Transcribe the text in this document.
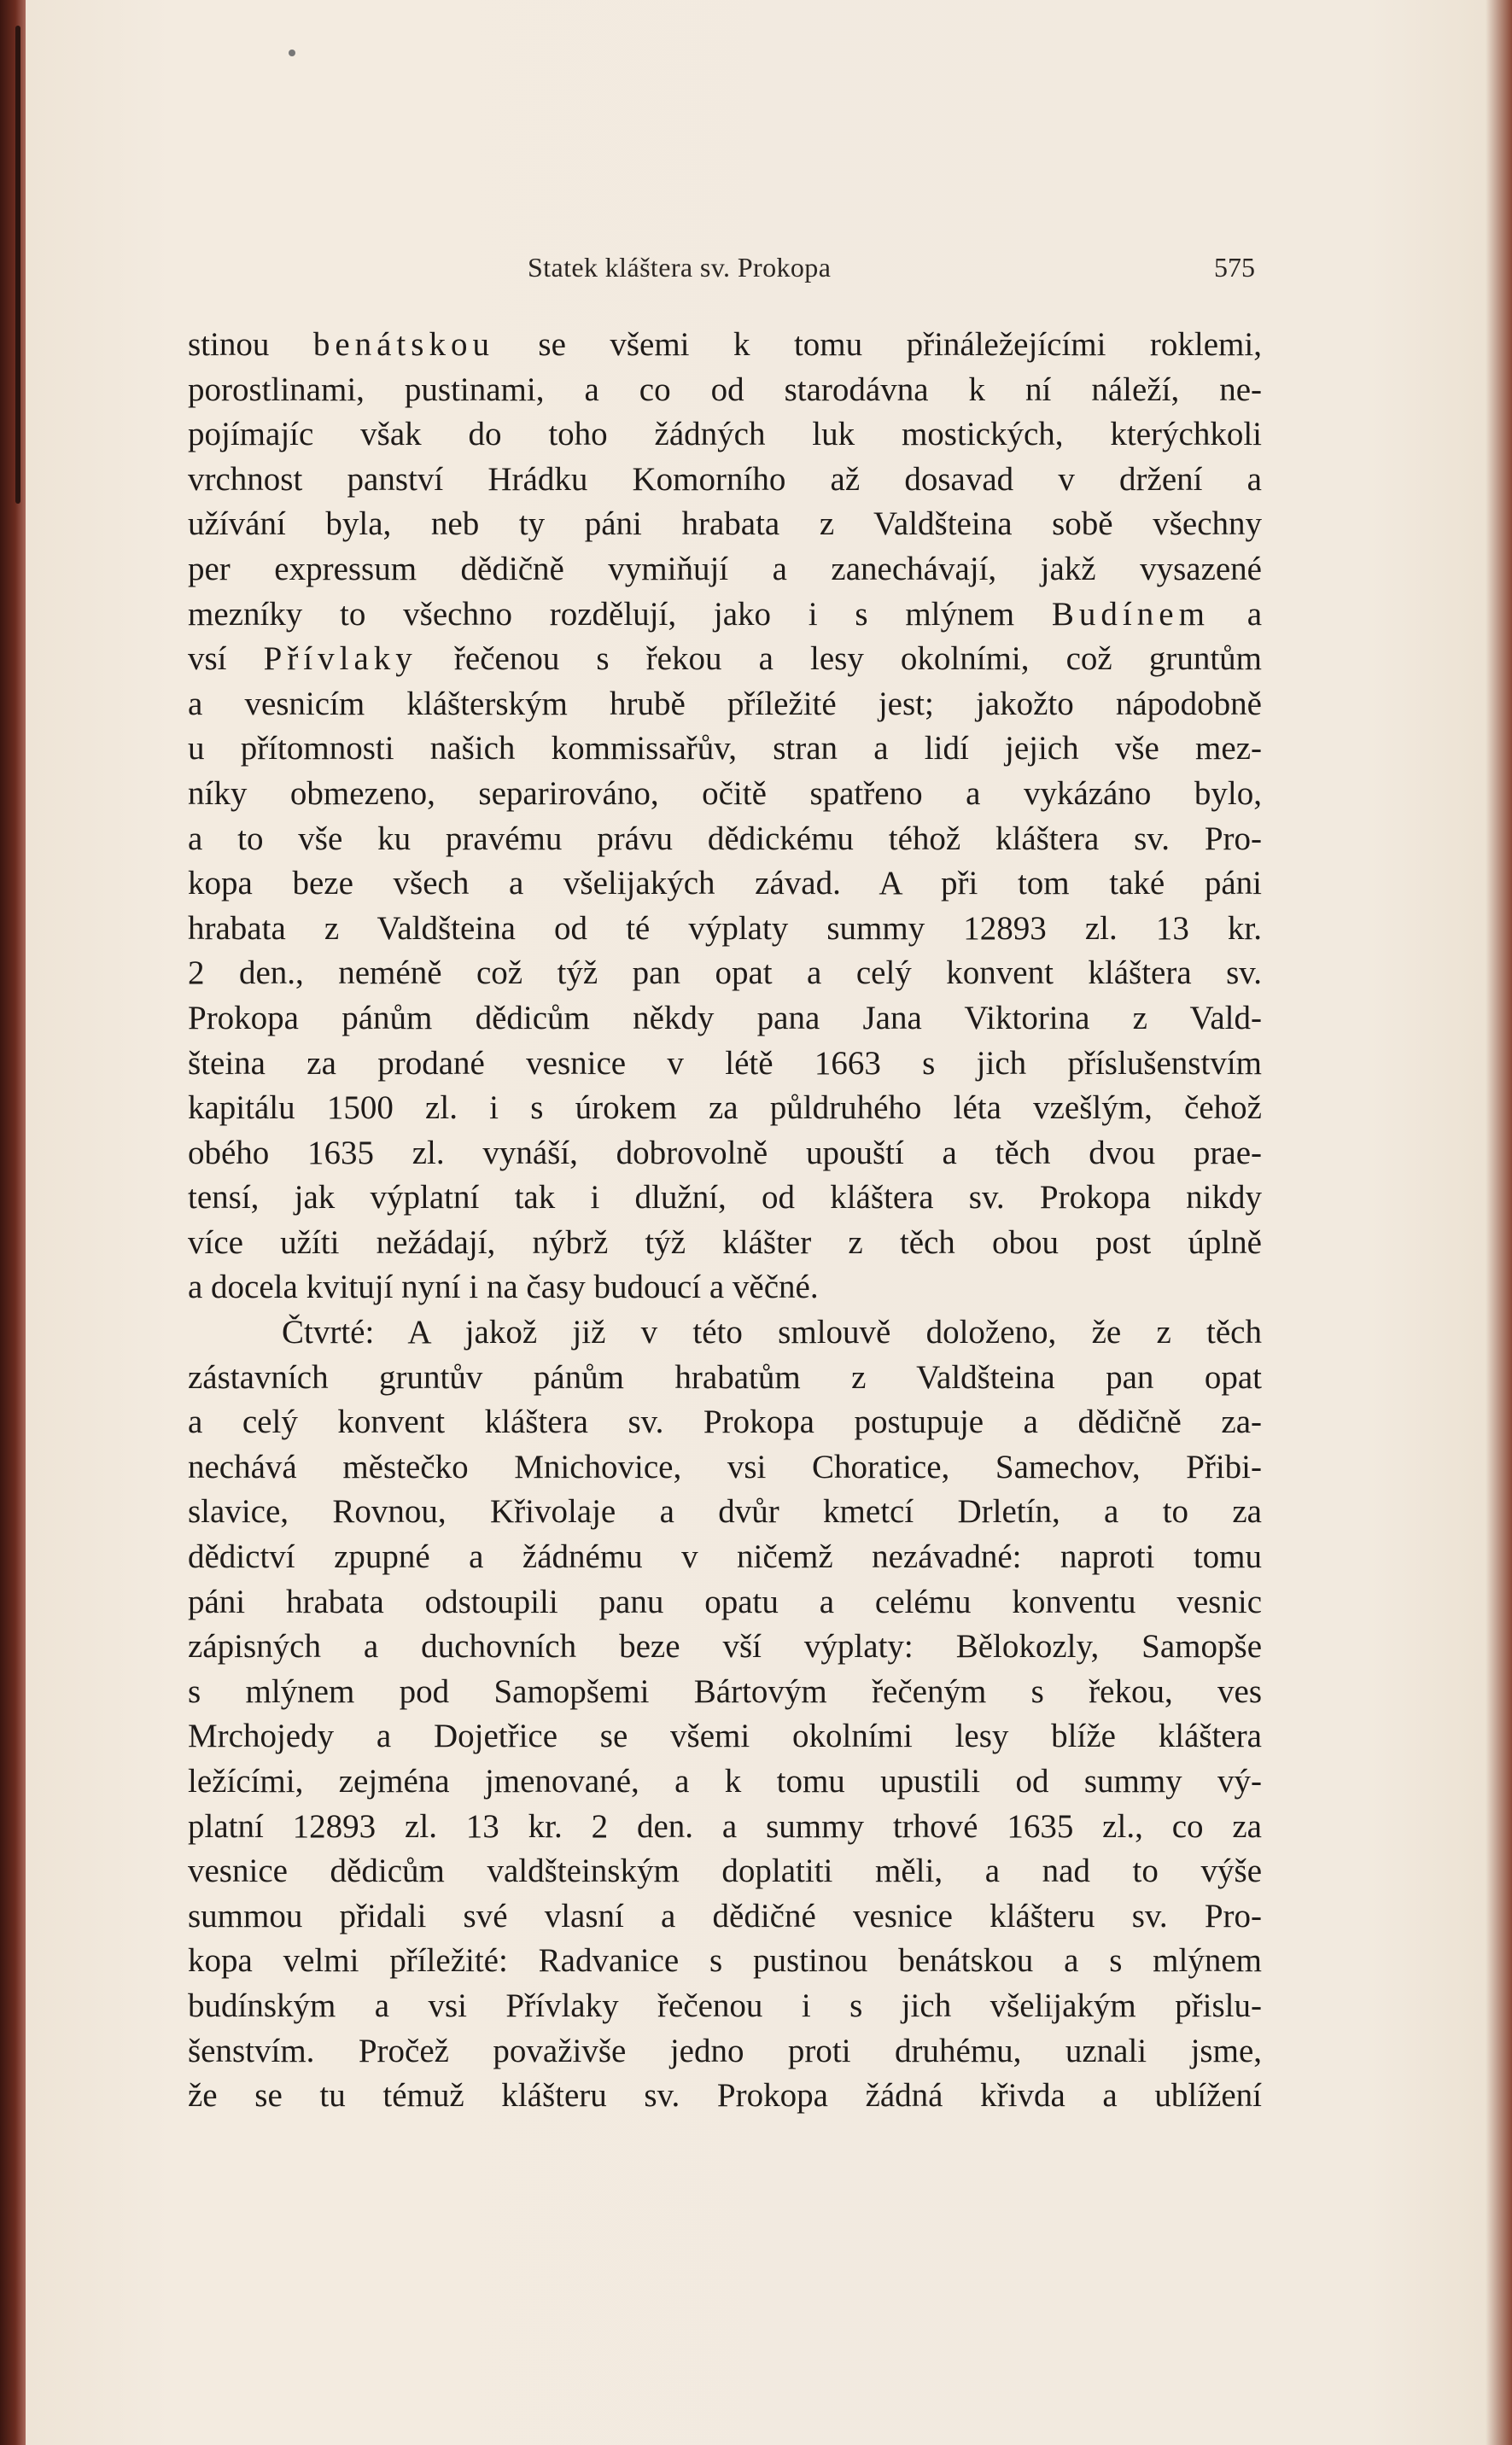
Statek kláštera sv. Prokopa	575
stinou benátskou se všemi k tomu přináležejícími roklemi,
porostlinami, pustinami, a co od starodávna k ní náleží, ne-
pojímajíc však do toho žádných luk mostických, kterýchkoli
vrchnost panství Hrádku Komorního až dosavad v držení a
užívání byla, neb ty páni hrabata z Valdšteina sobě všechny
per expressum dědičně vymiňují a zanechávají, jakž vysazené
mezníky to všechno rozdělují, jako i s mlýnem Budínem a
vsí Přívlaky řečenou s řekou a lesy okolními, což gruntům
a vesnicím klášterským hrubě příležité jest; jakožto nápodobně
u přítomnosti našich kommissařův, stran a lidí jejich vše mez-
níky obmezeno, separirováno, očitě spatřeno a vykázáno bylo,
a to vše ku pravému právu dědickému téhož kláštera sv. Pro-
kopa beze všech a všelijakých závad. A při tom také páni
hrabata z Valdšteina od té výplaty summy 12893 zl. 13 kr.
2 den., neméně což týž pan opat a celý konvent kláštera sv.
Prokopa pánům dědicům někdy pana Jana Viktorina z Vald-
šteina za prodané vesnice v létě 1663 s jich příslušenstvím
kapitálu 1500 zl. i s úrokem za půldruhého léta vzešlým, čehož
obého 1635 zl. vynáší, dobrovolně upouští a těch dvou prae-
tensí, jak výplatní tak i dlužní, od kláštera sv. Prokopa nikdy
více užíti nežádají, nýbrž týž klášter z těch obou post úplně
a docela kvitují nyní i na časy budoucí a věčné.
Čtvrté: A jakož již v této smlouvě doloženo, že z těch
zástavních gruntův pánům hrabatům z Valdšteina pan opat
a celý konvent kláštera sv. Prokopa postupuje a dědičně za-
nechává městečko Mnichovice, vsi Choratice, Samechov, Přibi-
slavice, Rovnou, Křivolaje a dvůr kmetcí Drletín, a to za
dědictví zpupné a žádnému v ničemž nezávadné: naproti tomu
páni hrabata odstoupili panu opatu a celému konventu vesnic
zápisných a duchovních beze vší výplaty: Bělokozly, Samopše
s mlýnem pod Samopšemi Bártovým řečeným s řekou, ves
Mrchojedy a Dojetřice se všemi okolními lesy blíže kláštera
ležícími, zejména jmenované, a k tomu upustili od summy vý-
platní 12893 zl. 13 kr. 2 den. a summy trhové 1635 zl., co za
vesnice dědicům valdšteinským doplatiti měli, a nad to výše
summou přidali své vlasní a dědičné vesnice klášteru sv. Pro-
kopa velmi příležité: Radvanice s pustinou benátskou a s mlýnem
budínským a vsi Přívlaky řečenou i s jich všelijakým přislu-
šenstvím. Pročež považivše jedno proti druhému, uznali jsme,
že se tu témuž klášteru sv. Prokopa žádná křivda a ublížení
